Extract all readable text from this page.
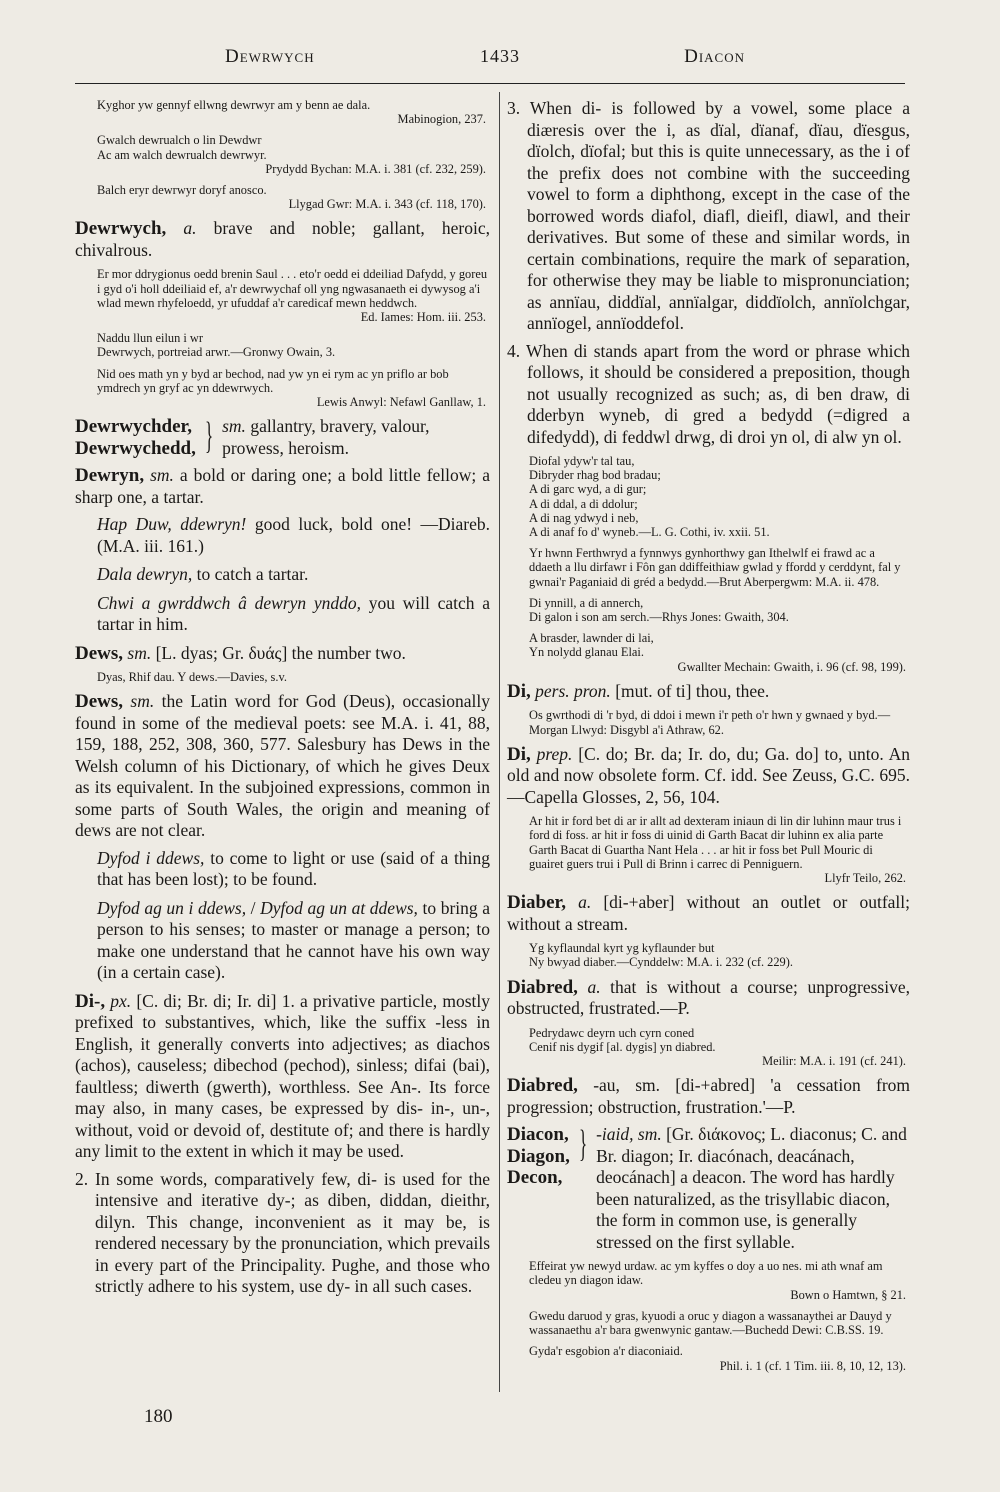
Dewrwych	1433	Diacon
Kyghor yw gennyf ellwng dewrwyr am y benn ae dala.
Mabinogion, 237.
Gwalch dewrualch o lin Dewdwr
Ac am walch dewrualch dewrwyr.
Prydydd Bychan: M.A. i. 381 (cf. 232, 259).
Balch eryr dewrwyr doryf anosco.
Llygad Gwr: M.A. i. 343 (cf. 118, 170).
Dewrwych, a. brave and noble; gallant, heroic, chivalrous.
Er mor ddrygionus oedd brenin Saul . . . eto'r oedd ei ddeiliad Dafydd, y goreu i gyd o'i holl ddeiliaid ef, a'r dewrwychaf oll yng ngwasanaeth ei dywysog a'i wlad mewn rhyfeloedd, yr ufuddaf a'r caredicaf mewn heddwch.
Ed. Iames: Hom. iii. 253.
Naddu llun eilun i wr
Dewrwych, portreiad arwr.—Gronwy Owain, 3.
Nid oes math yn y byd ar bechod, nad yw yn ei rym ac yn priflo ar bob ymdrech yn gryf ac yn ddewrwych.
Lewis Anwyl: Nefawl Ganllaw, 1.
Dewrwychder,
Dewrwychedd, } sm. gallantry, bravery, valour, prowess, heroism.
Dewryn, sm. a bold or daring one; a bold little fellow; a sharp one, a tartar.
Hap Duw, ddewryn! good luck, bold one! —Diareb. (M.A. iii. 161.)
Dala dewryn, to catch a tartar.
Chwi a gwrddwch â dewryn ynddo, you will catch a tartar in him.
Dews, sm. [L. dyas; Gr. δυάς] the number two.
Dyas, Rhif dau. Y dews.—Davies, s.v.
Dews, sm. the Latin word for God (Deus), occasionally found in some of the medieval poets: see M.A. i. 41, 88, 159, 188, 252, 308, 360, 577. Salesbury has Dews in the Welsh column of his Dictionary, of which he gives Deux as its equivalent. In the subjoined expressions, common in some parts of South Wales, the origin and meaning of dews are not clear.
Dyfod i ddews, to come to light or use (said of a thing that has been lost); to be found.
Dyfod ag un i ddews, / Dyfod ag un at ddews, to bring a person to his senses; to master or manage a person; to make one understand that he cannot have his own way (in a certain case).
Di-, px. [C. di; Br. di; Ir. di] 1. a privative particle, mostly prefixed to substantives, which, like the suffix -less in English, it generally converts into adjectives; as diachos (achos), causeless; dibechod (pechod), sinless; difai (bai), faultless; diwerth (gwerth), worthless. See An-. Its force may also, in many cases, be expressed by dis- in-, un-, without, void or devoid of, destitute of; and there is hardly any limit to the extent in which it may be used.
2. In some words, comparatively few, di- is used for the intensive and iterative dy-; as diben, diddan, dieithr, dilyn. This change, inconvenient as it may be, is rendered necessary by the pronunciation, which prevails in every part of the Principality. Pughe, and those who strictly adhere to his system, use dy- in all such cases.
180
3. When di- is followed by a vowel, some place a diæresis over the i, as dïal, dïanaf, dïau, dïesgus, dïolch, dïofal; but this is quite unnecessary, as the i of the prefix does not combine with the succeeding vowel to form a diphthong, except in the case of the borrowed words diafol, diafl, dieifl, diawl, and their derivatives. But some of these and similar words, in certain combinations, require the mark of separation, for otherwise they may be liable to mispronunciation; as annïau, diddïal, annïalgar, diddïolch, annïolchgar, annïogel, annïoddefol.
4. When di stands apart from the word or phrase which follows, it should be considered a preposition, though not usually recognized as such; as, di ben draw, di dderbyn wyneb, di gred a bedydd (=digred a difedydd), di feddwl drwg, di droi yn ol, di alw yn ol.
Diofal ydyw'r tal tau,
Dibryder rhag bod bradau;
A di garc wyd, a di gur;
A di ddal, a di ddolur;
A di nag ydwyd i neb,
A di anaf fo d' wyneb.—L. G. Cothi, iv. xxii. 51.
Yr hwnn Ferthwryd a fynnwys gynhorthwy gan Ithelwlf ei frawd ac a ddaeth a llu dirfawr i Fôn gan ddiffeithiaw gwlad y ffordd y cerddynt, fal y gwnai'r Paganiaid di gréd a bedydd.—Brut Aberpergwm: M.A. ii. 478.
Di ynnill, a di annerch,
Di galon i son am serch.—Rhys Jones: Gwaith, 304.
A brasder, lawnder di lai,
Yn nolydd glanau Elai.
Gwallter Mechain: Gwaith, i. 96 (cf. 98, 199).
Di, pers. pron. [mut. of ti] thou, thee.
Os gwrthodi di 'r byd, di ddoi i mewn i'r peth o'r hwn y gwnaed y byd.—Morgan Llwyd: Disgybl a'i Athraw, 62.
Di, prep. [C. do; Br. da; Ir. do, du; Ga. do] to, unto. An old and now obsolete form. Cf. idd. See Zeuss, G.C. 695.—Capella Glosses, 2, 56, 104.
Ar hit ir ford bet di ar ir allt ad dexteram iniaun di lin dir luhinn maur trus i ford di foss. ar hit ir foss di uinid di Garth Bacat dir luhinn ex alia parte Garth Bacat di Guartha Nant Hela . . . ar hit ir foss bet Pull Mouric di guairet guers trui i Pull di Brinn i carrec di Penniguern.
Llyfr Teilo, 262.
Diaber, a. [di-+aber] without an outlet or outfall; without a stream.
Yg kyflaundal kyrt yg kyflaunder but
Ny bwyad diaber.—Cynddelw: M.A. i. 232 (cf. 229).
Diabred, a. that is without a course; unprogressive, obstructed, frustrated.—P.
Pedrydawc deyrn uch cyrn coned
Cenif nis dygif [al. dygis] yn diabred.
Meilir: M.A. i. 191 (cf. 241).
Diabred, -au, sm. [di-+abred] 'a cessation from progression; obstruction, frustration.'—P.
Diacon,
Diagon,
Decon,
} -iaid, sm. [Gr. διάκονος; L. diaconus; C. and Br. diagon; Ir. diacónach, deacánach, deocánach] a deacon. The word has hardly been naturalized, as the trisyllabic diacon, the form in common use, is generally stressed on the first syllable.
Effeirat yw newyd urdaw. ac ym kyffes o doy a uo nes. mi ath wnaf am cledeu yn diagon idaw.
Bown o Hamtwn, § 21.
Gwedu daruod y gras, kyuodi a oruc y diagon a wassanaythei ar Dauyd y wassanaethu a'r bara gwenwynic gantaw.—Buchedd Dewi: C.B.SS. 19.
Gyda'r esgobion a'r diaconiaid.
Phil. i. 1 (cf. 1 Tim. iii. 8, 10, 12, 13).
